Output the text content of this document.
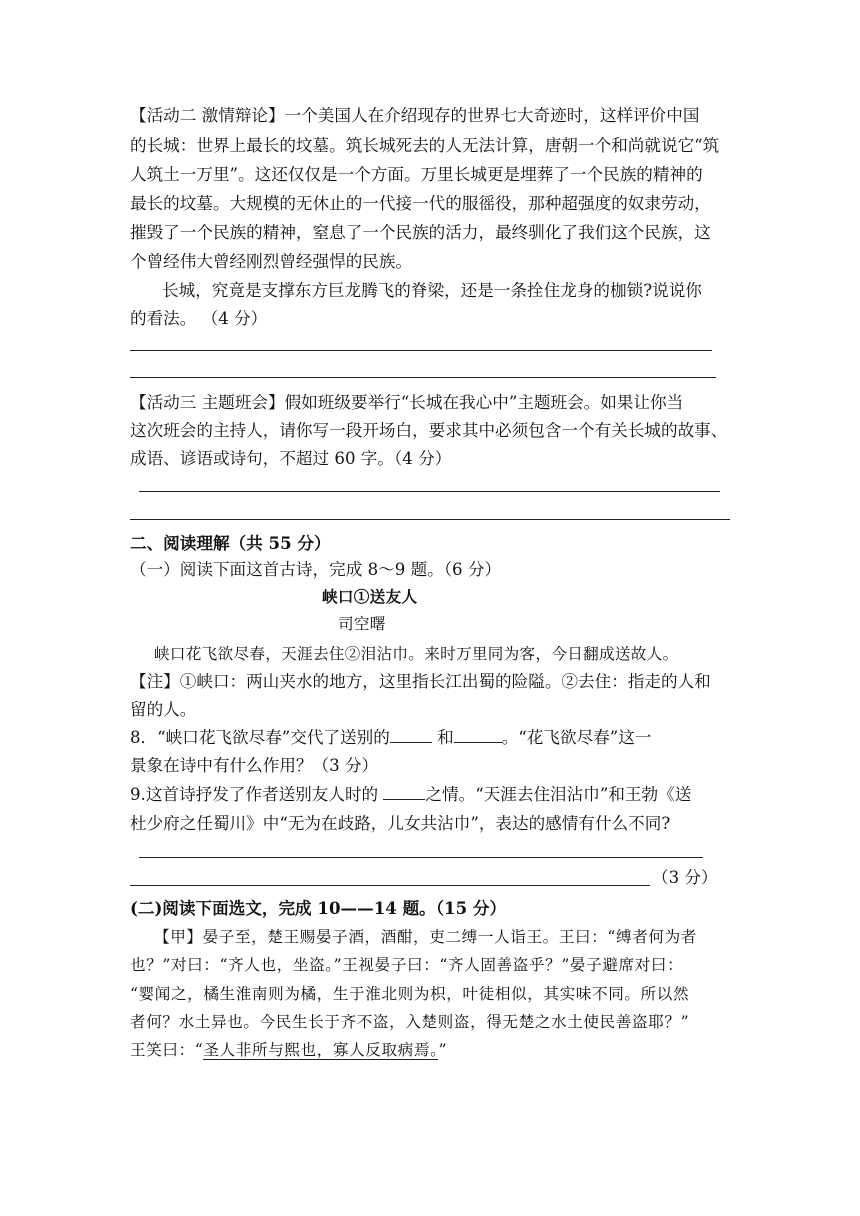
【活动二 激情辩论】一个美国人在介绍现存的世界七大奇迹时，这样评价中国
的长城：世界上最长的坟墓。筑长城死去的人无法计算，唐朝一个和尚就说它“筑
人筑土一万里”。这还仅仅是一个方面。万里长城更是埋葬了一个民族的精神的
最长的坟墓。大规模的无休止的一代接一代的服徭役，那种超强度的奴隶劳动，
摧毁了一个民族的精神，窒息了一个民族的活力，最终驯化了我们这个民族，这
个曾经伟大曾经刚烈曾经强悍的民族。
长城，究竟是支撑东方巨龙腾飞的脊梁，还是一条拴住龙身的枷锁?说说你
的看法。 （4 分）
【活动三 主题班会】假如班级要举行“长城在我心中”主题班会。如果让你当
这次班会的主持人，请你写一段开场白，要求其中必须包含一个有关长城的故事、
成语、谚语或诗句，不超过 60 字。（4 分）
二、阅读理解（共 55 分）
（一）阅读下面这首古诗，完成 8～9 题。（6 分）
峡口①送友人
司空曙
峡口花飞欲尽春，天涯去住②泪沾巾。来时万里同为客，今日翻成送故人。
【注】①峡口：两山夹水的地方，这里指长江出蜀的险隘。②去住：指走的人和
留的人。
8．“峡口花飞欲尽春”交代了送别的	和	。“花飞欲尽春”这一
景象在诗中有什么作用？（3 分）
9.这首诗抒发了作者送别友人时的	之情。“天涯去住泪沾巾”和王勃《送
杜少府之任蜀川》中“无为在歧路，儿女共沾巾”，表达的感情有什么不同?
（3 分）
(二)阅读下面选文，完成 10——14 题。（15 分）
【甲】晏子至，楚王赐晏子酒，酒酣，吏二缚一人诣王。王曰：“缚者何为者
也？”对曰：“齐人也，坐盗。”王视晏子曰：“齐人固善盗乎？”晏子避席对曰：
“婴闻之，橘生淮南则为橘，生于淮北则为枳，叶徒相似，其实味不同。所以然
者何？水土异也。今民生长于齐不盗，入楚则盗，得无楚之水土使民善盗耶？”
王笑曰：“圣人非所与熙也，寡人反取病焉。”
